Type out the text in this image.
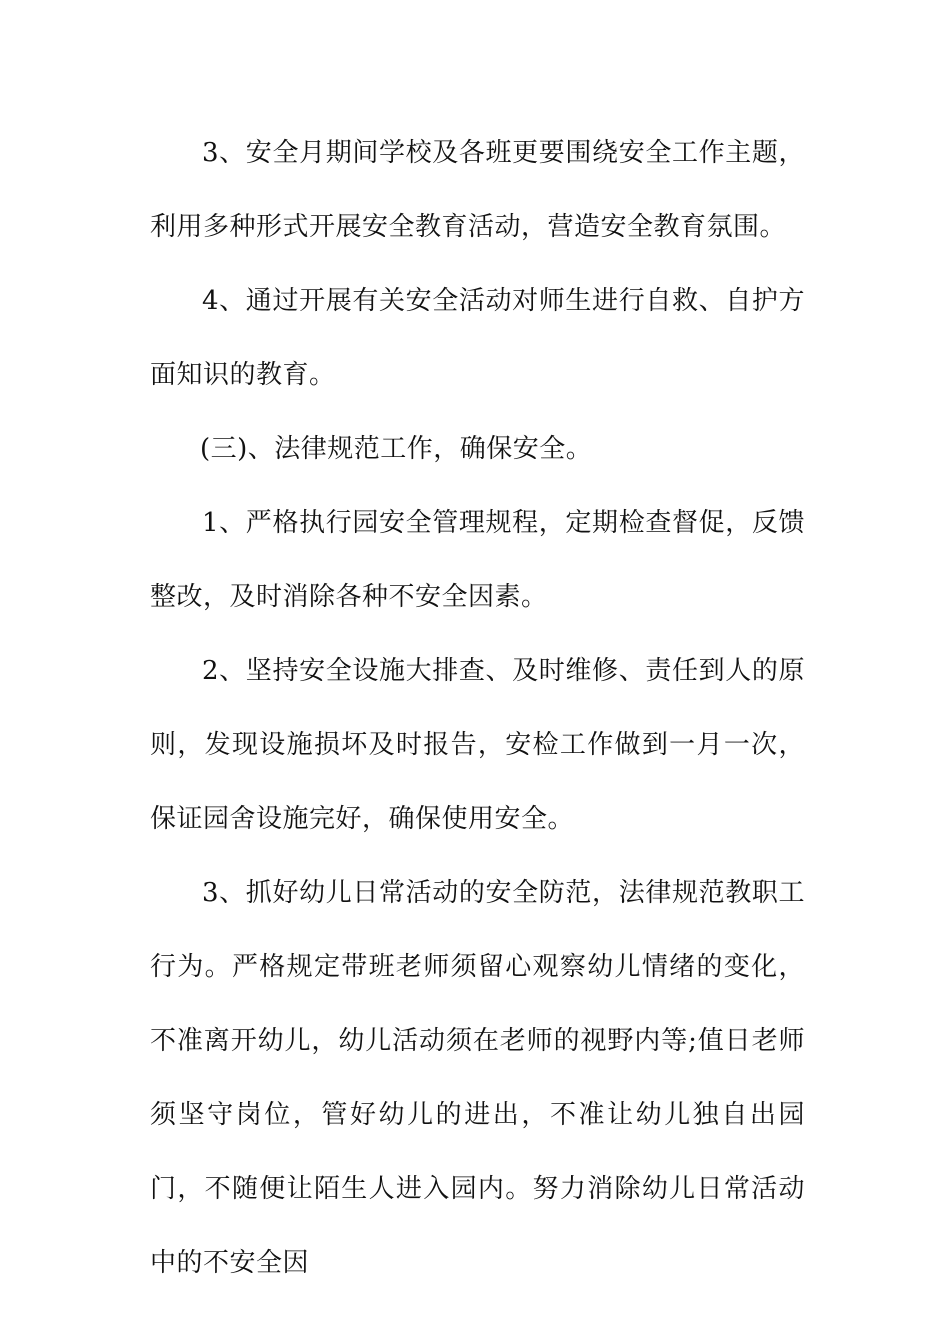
3、安全月期间学校及各班更要围绕安全工作主题，利用多种形式开展安全教育活动，营造安全教育氛围。

4、通过开展有关安全活动对师生进行自救、自护方面知识的教育。

(三)、法律规范工作，确保安全。

1、严格执行园安全管理规程，定期检查督促，反馈整改，及时消除各种不安全因素。

2、坚持安全设施大排查、及时维修、责任到人的原则，发现设施损坏及时报告，安检工作做到一月一次，保证园舍设施完好，确保使用安全。

3、抓好幼儿日常活动的安全防范，法律规范教职工行为。严格规定带班老师须留心观察幼儿情绪的变化，不准离开幼儿，幼儿活动须在老师的视野内等;值日老师须坚守岗位，管好幼儿的进出，不准让幼儿独自出园门，不随便让陌生人进入园内。努力消除幼儿日常活动中的不安全因
